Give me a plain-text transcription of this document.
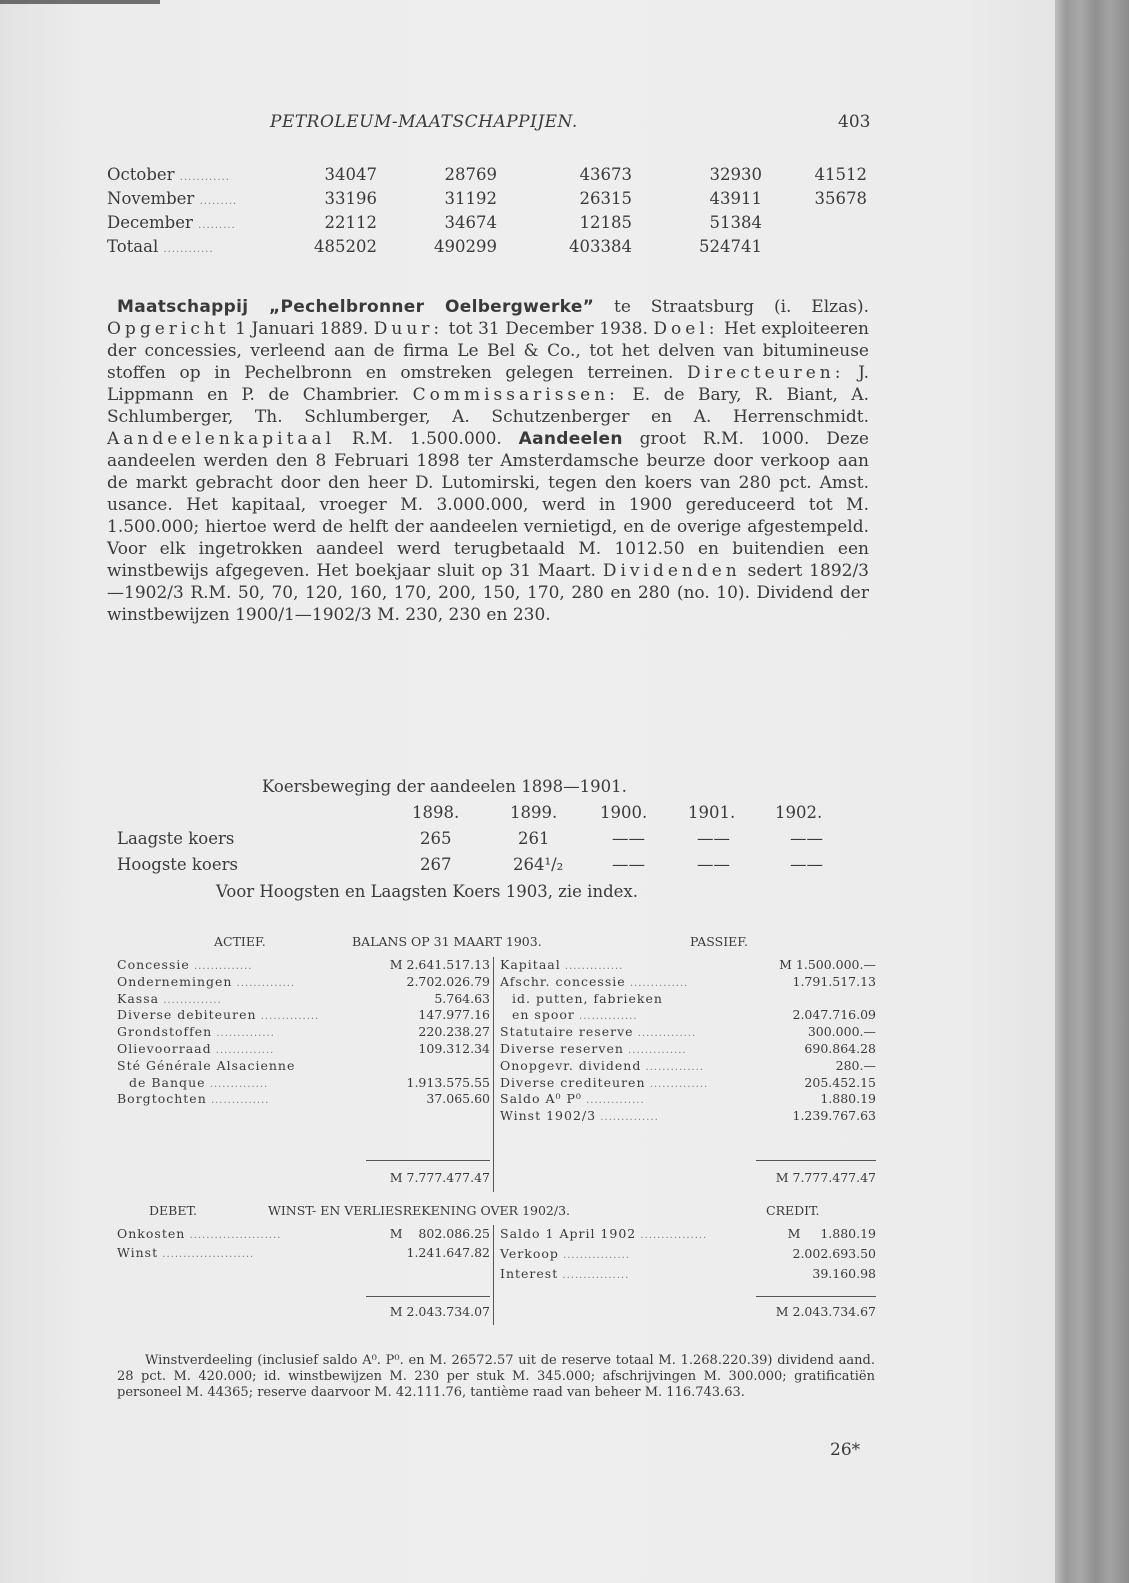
PETROLEUM-MAATSCHAPPIJEN.	403
October ............	34047	28769	43673	32930	41512
November .........	33196	31192	26315	43911	35678
December .........	22112	34674	12185	51384
Totaal ............	485202	490299	403384	524741

Maatschappij „Pechelbronner Oelbergwerke” te Straatsburg (i. Elzas). Opgericht 1 Januari 1889. Duur: tot 31 December 1938. Doel: Het exploiteeren der concessies, verleend aan de firma Le Bel & Co., tot het delven van bitumineuse stoffen op in Pechelbronn en omstreken gelegen terreinen. Directeuren: J. Lippmann en P. de Chambrier. Commissarissen: E. de Bary, R. Biant, A. Schlumberger, Th. Schlumberger, A. Schutzenberger en A. Herrenschmidt. Aandeelenkapitaal R.M. 1.500.000. Aandeelen groot R.M. 1000. Deze aandeelen werden den 8 Februari 1898 ter Amsterdamsche beurze door verkoop aan de markt gebracht door den heer D. Lutomirski, tegen den koers van 280 pct. Amst. usance. Het kapitaal, vroeger M. 3.000.000, werd in 1900 gereduceerd tot M. 1.500.000; hiertoe werd de helft der aandeelen vernietigd, en de overige afgestempeld. Voor elk ingetrokken aandeel werd terugbetaald M. 1012.50 en buitendien een winstbewijs afgegeven. Het boekjaar sluit op 31 Maart. Dividenden sedert 1892/3—1902/3 R.M. 50, 70, 120, 160, 170, 200, 150, 170, 280 en 280 (no. 10). Dividend der winstbewijzen 1900/1—1902/3 M. 230, 230 en 230.

Koersbeweging der aandeelen 1898—1901.
1898.	1899.	1900. 1901. 1902.
Laagste koers	265	261	——	——	——
Hoogste koers	267	264¹/₂	——	——	——
Voor Hoogsten en Laagsten Koers 1903, zie index.
ACTIEF.	BALANS OP 31 MAART 1903.	PASSIEF.
Concessie ..............	M 2.641.517.13
Ondernemingen ..............	2.702.026.79
Kassa ..............	5.764.63
Diverse debiteuren ..............	147.977.16
Grondstoffen ..............	220.238.27
Olievoorraad ..............	109.312.34
Sté Générale Alsacienne
de Banque ..............	1.913.575.55
Borgtochten ..............	37.065.60
Kapitaal ..............	M 1.500.000.—
Afschr. concessie ..............	1.791.517.13
id. putten, fabrieken
en spoor ..............	2.047.716.09
Statutaire reserve ..............	300.000.—
Diverse reserven ..............	690.864.28
Onopgevr. dividend ..............	280.—
Diverse crediteuren ..............	205.452.15
Saldo A⁰ P⁰ ..............	1.880.19
Winst 1902/3 ..............	1.239.767.63
M 7.777.477.47	M 7.777.477.47
DEBET.	WINST- EN VERLIESREKENING OVER 1902/3.	CREDIT.
Onkosten ......................	M    802.086.25
Winst ......................	1.241.647.82
Saldo 1 April 1902 ................	M     1.880.19
Verkoop ................	2.002.693.50
Interest ................	39.160.98
M 2.043.734.07	M 2.043.734.67

Winstverdeeling (inclusief saldo A⁰. P⁰. en M. 26572.57 uit de reserve totaal M. 1.268.220.39) dividend aand. 28 pct. M. 420.000; id. winstbewijzen M. 230 per stuk M. 345.000; afschrijvingen M. 300.000; gratificatiën personeel M. 44365; reserve daarvoor M. 42.111.76, tantième raad van beheer M. 116.743.63.

26*
